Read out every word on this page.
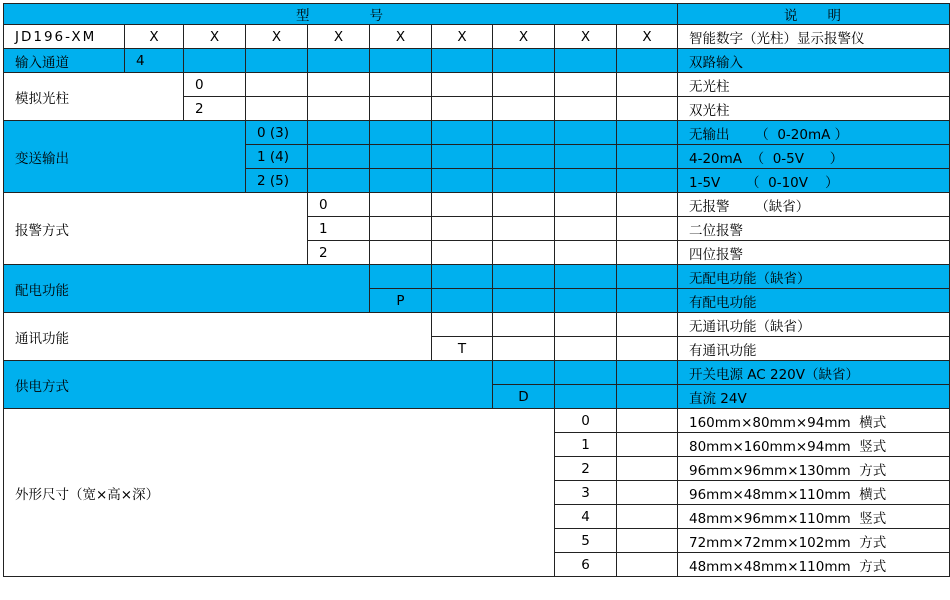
型 号										说 明
JD196-XM	X	X	X	X	X	X	X	X	X	智能数字（光柱）显示报警仪
输入通道	4									双路输入
模拟光柱		0								无光柱
		2								双光柱
变送输出			0 (3)							无输出      （  0-20mA ）
			1 (4)							4-20mA  （  0-5V      ）
			2 (5)							1-5V      （  0-10V    ）
报警方式				0						无报警      （缺省）
				1						二位报警
				2						四位报警
配电功能										无配电功能（缺省）
					P					有配电功能
通讯功能										无通讯功能（缺省）
						T				有通讯功能
供电方式										开关电源 AC 220V（缺省）
							D			直流 24V
外形尺寸（宽×高×深）								0		160mm×80mm×94mm  横式
								1		80mm×160mm×94mm  竖式
								2		96mm×96mm×130mm  方式
								3		96mm×48mm×110mm  横式
								4		48mm×96mm×110mm  竖式
								5		72mm×72mm×102mm  方式
								6		48mm×48mm×110mm  方式
